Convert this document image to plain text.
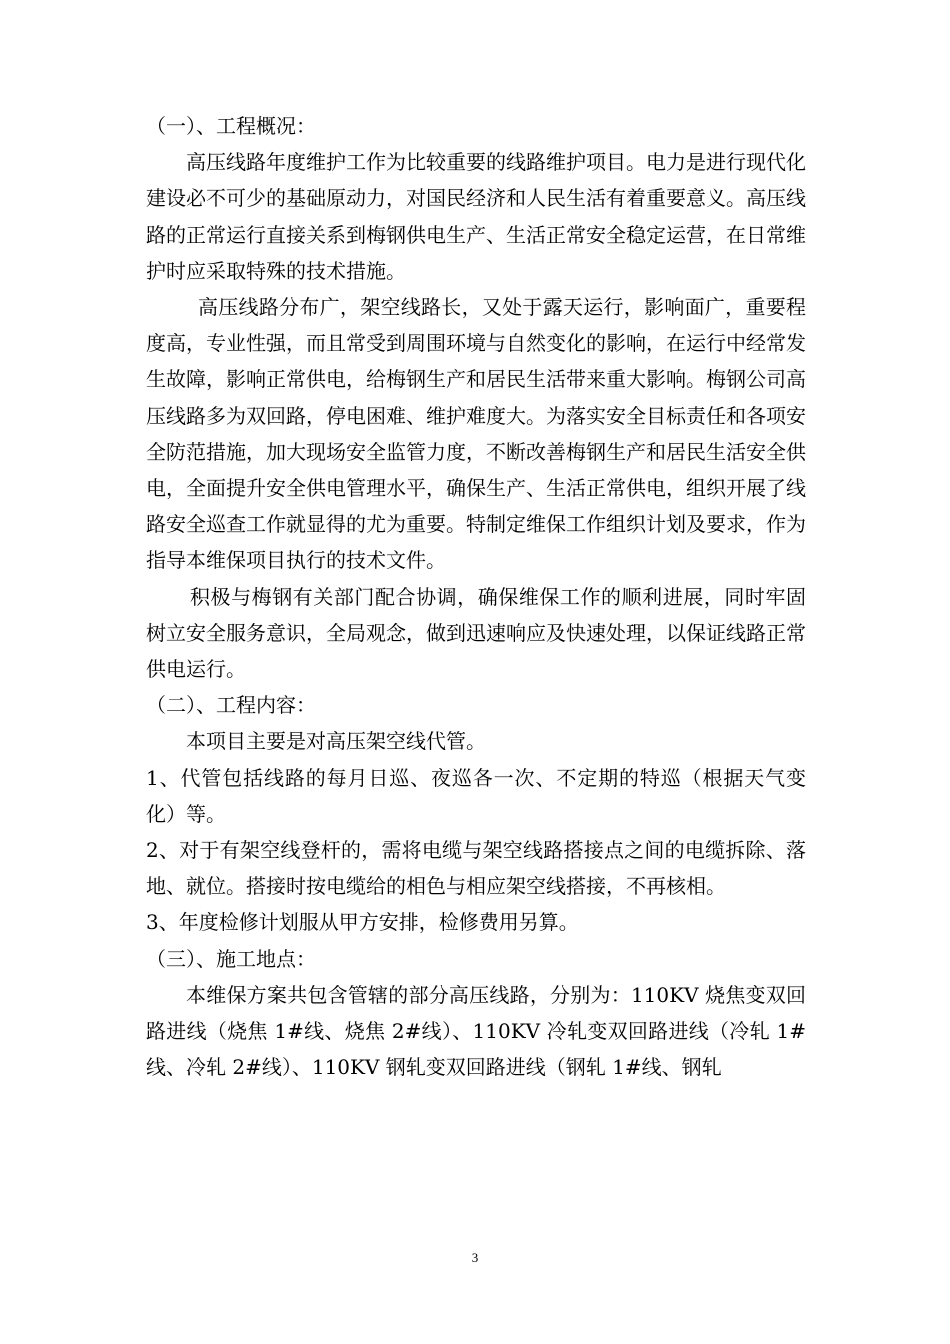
（一）、工程概况：

高压线路年度维护工作为比较重要的线路维护项目。电力是进行现代化建设必不可少的基础原动力，对国民经济和人民生活有着重要意义。高压线路的正常运行直接关系到梅钢供电生产、生活正常安全稳定运营，在日常维护时应采取特殊的技术措施。

高压线路分布广，架空线路长，又处于露天运行，影响面广，重要程度高，专业性强，而且常受到周围环境与自然变化的影响，在运行中经常发生故障，影响正常供电，给梅钢生产和居民生活带来重大影响。梅钢公司高压线路多为双回路，停电困难、维护难度大。为落实安全目标责任和各项安全防范措施，加大现场安全监管力度，不断改善梅钢生产和居民生活安全供电，全面提升安全供电管理水平，确保生产、生活正常供电，组织开展了线路安全巡查工作就显得的尤为重要。特制定维保工作组织计划及要求，作为指导本维保项目执行的技术文件。

积极与梅钢有关部门配合协调，确保维保工作的顺利进展，同时牢固树立安全服务意识，全局观念，做到迅速响应及快速处理，以保证线路正常供电运行。

（二）、工程内容：

本项目主要是对高压架空线代管。

1、代管包括线路的每月日巡、夜巡各一次、不定期的特巡（根据天气变化）等。

2、对于有架空线登杆的，需将电缆与架空线路搭接点之间的电缆拆除、落地、就位。搭接时按电缆给的相色与相应架空线搭接，不再核相。

3、年度检修计划服从甲方安排，检修费用另算。

（三）、施工地点：

本维保方案共包含管辖的部分高压线路，分别为：110KV 烧焦变双回路进线（烧焦 1#线、烧焦 2#线）、110KV 冷轧变双回路进线（冷轧 1#线、冷轧 2#线）、110KV 钢轧变双回路进线（钢轧 1#线、钢轧

3
